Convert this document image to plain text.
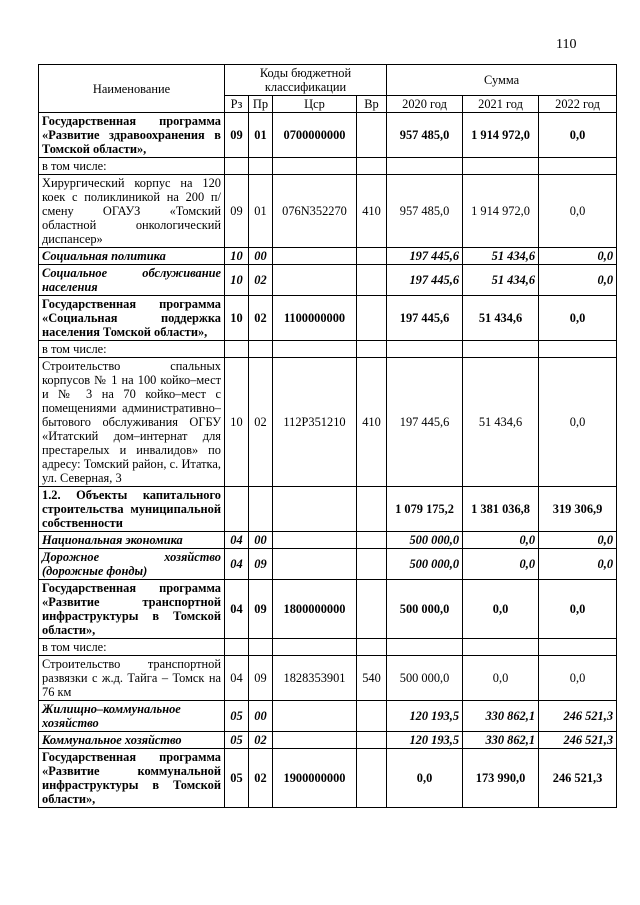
110
Наименование	Коды бюджетной классификации				Сумма		
	Рз	Пр	Цср	Вр	2020 год	2021 год	2022 год
Государственная программа «Развитие здравоохранения в Томской области»,	09	01	0700000000		957 485,0	1 914 972,0	0,0
в том числе:							
Хирургический корпус на 120 коек с поликлиникой на 200 п/смену ОГАУЗ «Томский областной онкологический диспансер»	09	01	076N352270	410	957 485,0	1 914 972,0	0,0
Социальная политика	10	00			197 445,6	51 434,6	0,0
Социальное обслуживание населения	10	02			197 445,6	51 434,6	0,0
Государственная программа «Социальная поддержка населения Томской области»,	10	02	1100000000		197 445,6	51 434,6	0,0
в том числе:							
Строительство спальных корпусов № 1 на 100 койко–мест и № 3 на 70 койко–мест с помещениями административно–бытового обслуживания ОГБУ «Итатский дом–интернат для престарелых и инвалидов» по адресу: Томский район, с. Итатка, ул. Северная, 3	10	02	112P351210	410	197 445,6	51 434,6	0,0
1.2. Объекты капитального строительства муниципальной собственности					1 079 175,2	1 381 036,8	319 306,9
Национальная экономика	04	00			500 000,0	0,0	0,0
Дорожное хозяйство (дорожные фонды)	04	09			500 000,0	0,0	0,0
Государственная программа «Развитие транспортной инфраструктуры в Томской области»,	04	09	1800000000		500 000,0	0,0	0,0
в том числе:							
Строительство транспортной развязки с ж.д. Тайга – Томск на 76 км	04	09	1828353901	540	500 000,0	0,0	0,0
Жилищно–коммунальное хозяйство	05	00			120 193,5	330 862,1	246 521,3
Коммунальное хозяйство	05	02			120 193,5	330 862,1	246 521,3
Государственная программа «Развитие коммунальной инфраструктуры в Томской области»,	05	02	1900000000		0,0	173 990,0	246 521,3
